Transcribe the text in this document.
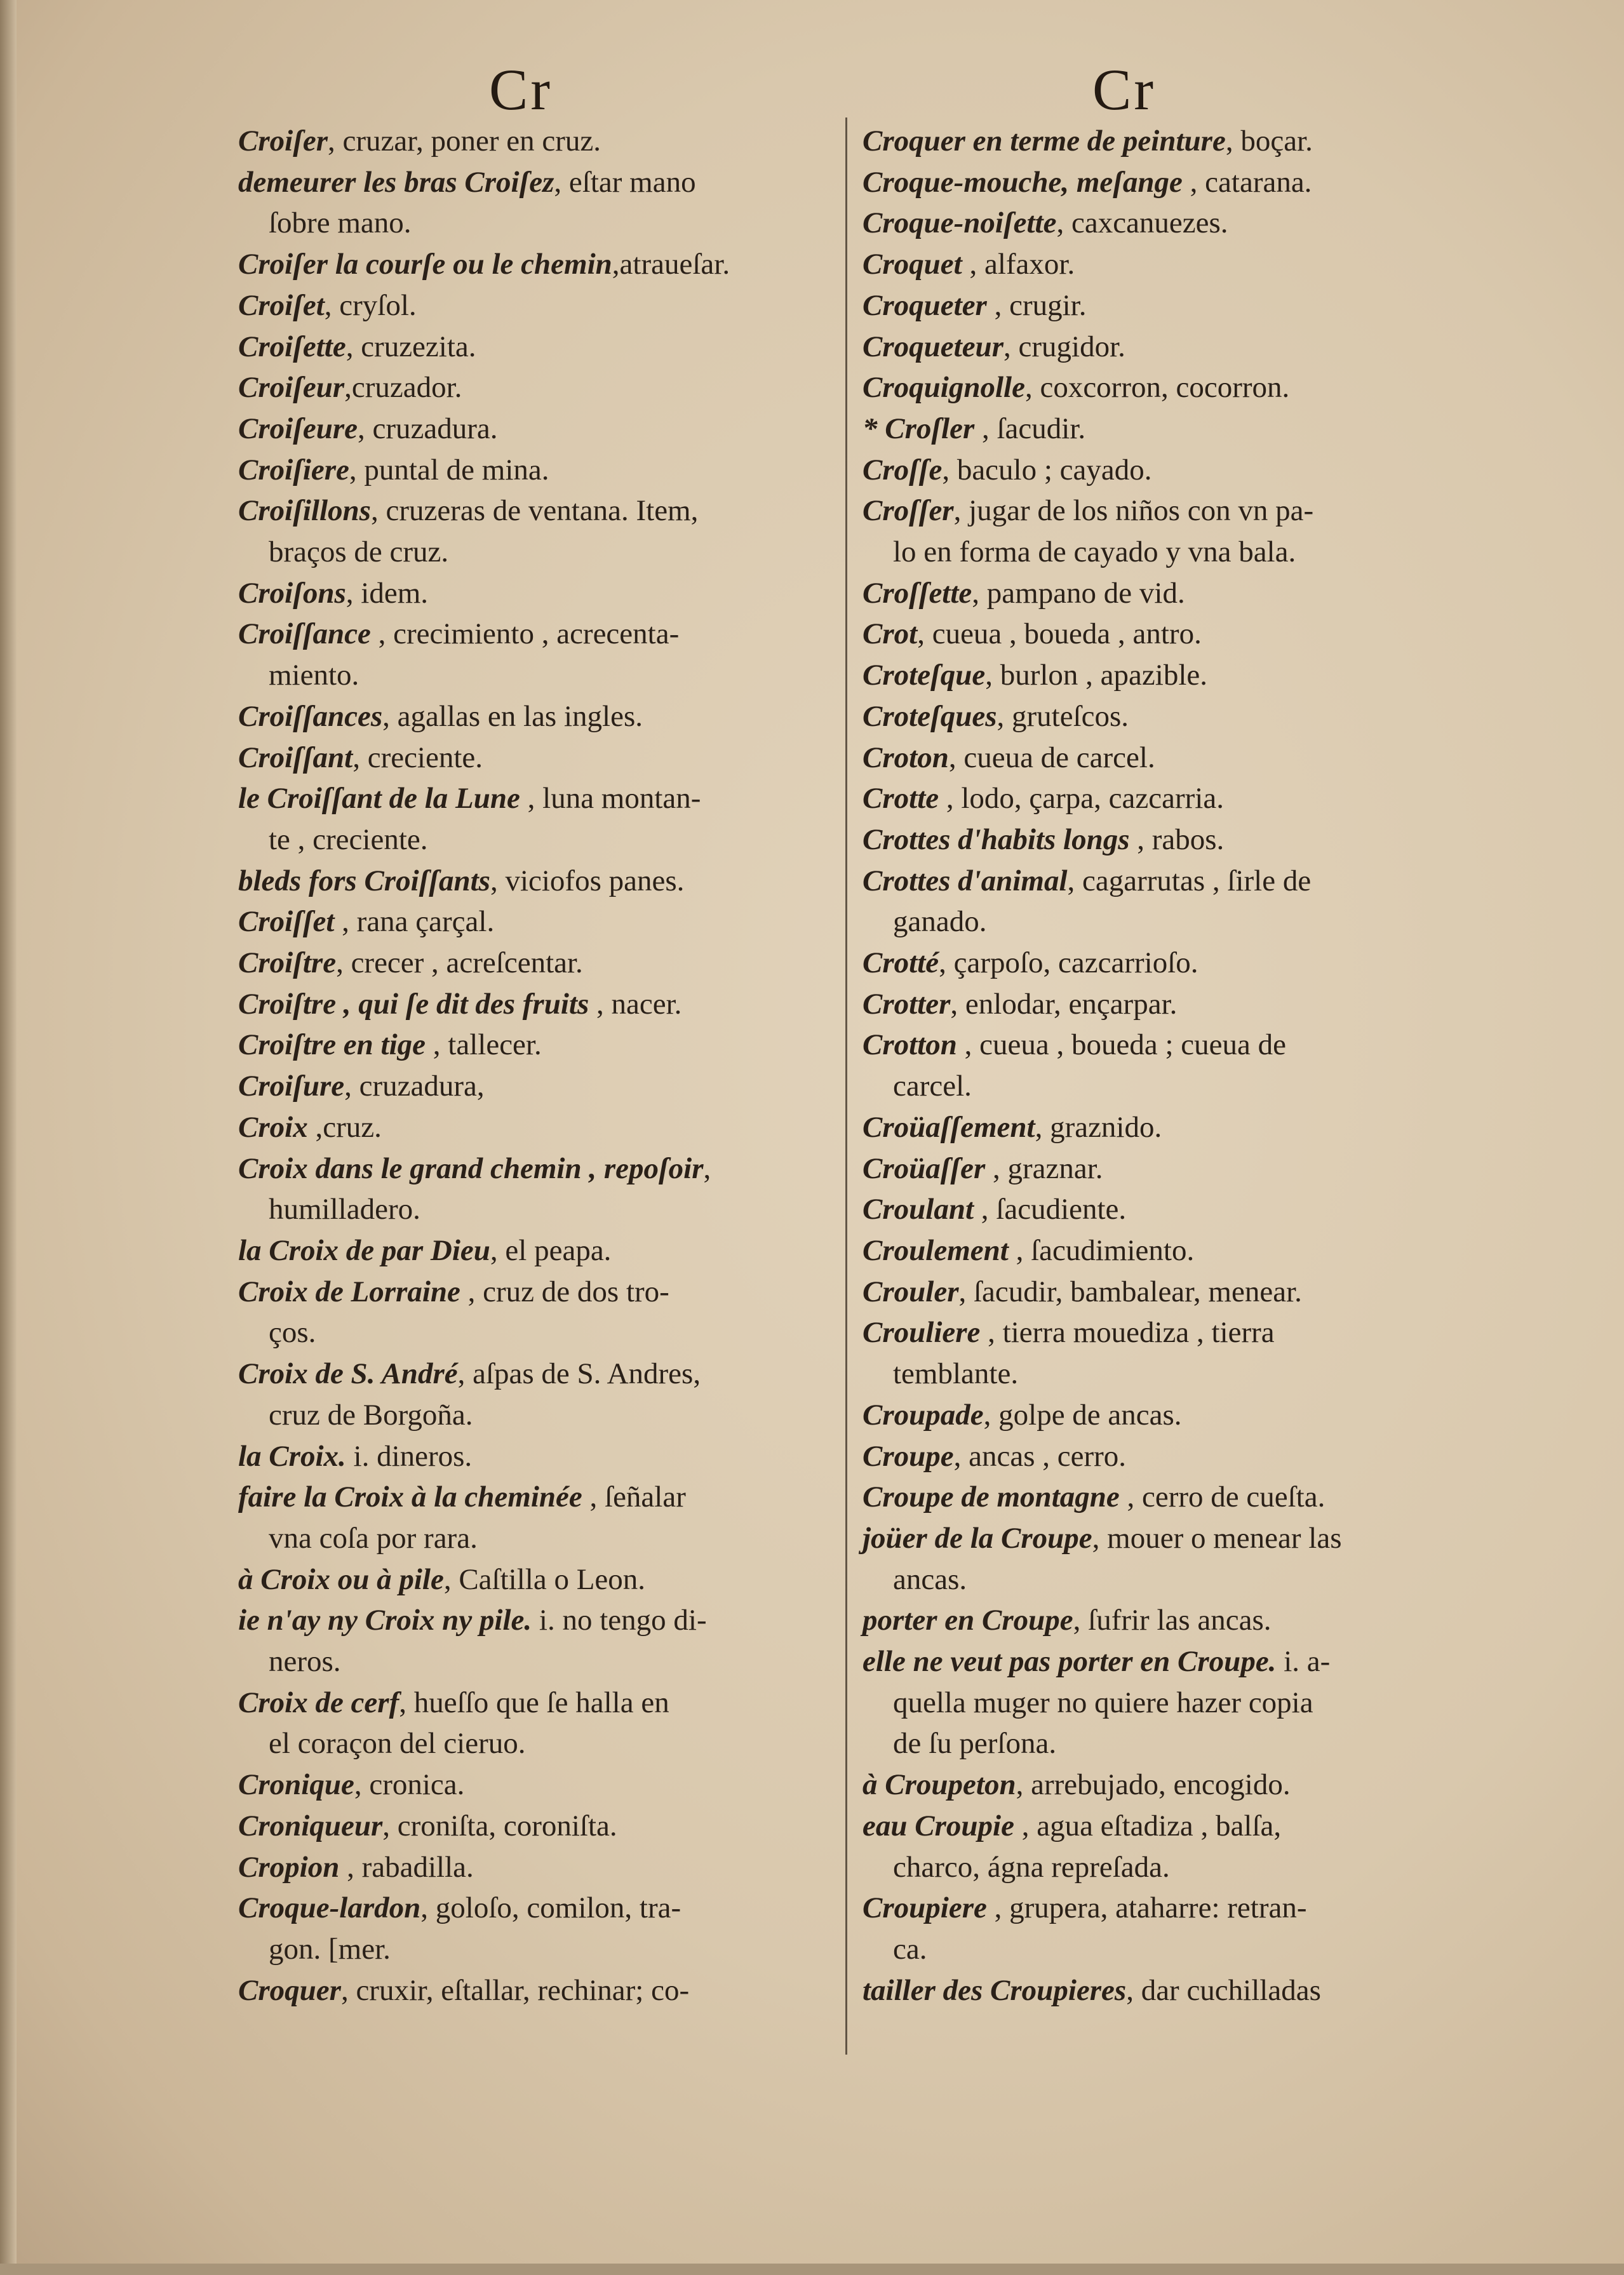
Cr	Cr
Croiſer, cruzar, poner en cruz.
demeurer les bras Croiſez, eſtar mano
ſobre mano.
Croiſer la courſe ou le chemin,atraueſar.
Croiſet, cryſol.
Croiſette, cruzezita.
Croiſeur,cruzador.
Croiſeure, cruzadura.
Croiſiere, puntal de mina.
Croiſillons, cruzeras de ventana. Item,
braços de cruz.
Croiſons, idem.
Croiſſance , crecimiento , acrecenta-
miento.
Croiſſances, agallas en las ingles.
Croiſſant, creciente.
le Croiſſant de la Lune , luna montan-
te , creciente.
bleds fors Croiſſants, viciofos panes.
Croiſſet , rana çarçal.
Croiſtre, crecer , acreſcentar.
Croiſtre , qui ſe dit des fruits , nacer.
Croiſtre en tige , tallecer.
Croiſure, cruzadura,
Croix ,cruz.
Croix dans le grand chemin , repoſoir,
humilladero.
la Croix de par Dieu, el peapa.
Croix de Lorraine , cruz de dos tro-
ços.
Croix de S. André, aſpas de S. Andres,
cruz de Borgoña.
la Croix. i. dineros.
faire la Croix à la cheminée , ſeñalar
vna coſa por rara.
à Croix ou à pile, Caſtilla o Leon.
ie n'ay ny Croix ny pile. i. no tengo di-
neros.
Croix de cerf, hueſſo que ſe halla en
el coraçon del cieruo.
Cronique, cronica.
Croniqueur, croniſta, coroniſta.
Cropion , rabadilla.
Croque-lardon, goloſo, comilon, tra-
gon. [mer.
Croquer, cruxir, eſtallar, rechinar; co-
Croquer en terme de peinture, boçar.
Croque-mouche, meſange , catarana.
Croque-noiſette, caxcanuezes.
Croquet , alfaxor.
Croqueter , crugir.
Croqueteur, crugidor.
Croquignolle, coxcorron, cocorron.
* Croſler , ſacudir.
Croſſe, baculo ; cayado.
Croſſer, jugar de los niños con vn pa-
lo en forma de cayado y vna bala.
Croſſette, pampano de vid.
Crot, cueua , boueda , antro.
Croteſque, burlon , apazible.
Croteſques, gruteſcos.
Croton, cueua de carcel.
Crotte , lodo, çarpa, cazcarria.
Crottes d'habits longs , rabos.
Crottes d'animal, cagarrutas , ſirle de
ganado.
Crotté, çarpoſo, cazcarrioſo.
Crotter, enlodar, ençarpar.
Crotton , cueua , boueda ; cueua de
carcel.
Croüaſſement, graznido.
Croüaſſer , graznar.
Croulant , ſacudiente.
Croulement , ſacudimiento.
Crouler, ſacudir, bambalear, menear.
Crouliere , tierra mouediza , tierra
temblante.
Croupade, golpe de ancas.
Croupe, ancas , cerro.
Croupe de montagne , cerro de cueſta.
joüer de la Croupe, mouer o menear las
ancas.
porter en Croupe, ſufrir las ancas.
elle ne veut pas porter en Croupe. i. a-
quella muger no quiere hazer copia
de ſu perſona.
à Croupeton, arrebujado, encogido.
eau Croupie , agua eſtadiza , balſa,
charco, ágna repreſada.
Croupiere , grupera, ataharre: retran-
ca.
tailler des Croupieres, dar cuchilladas
